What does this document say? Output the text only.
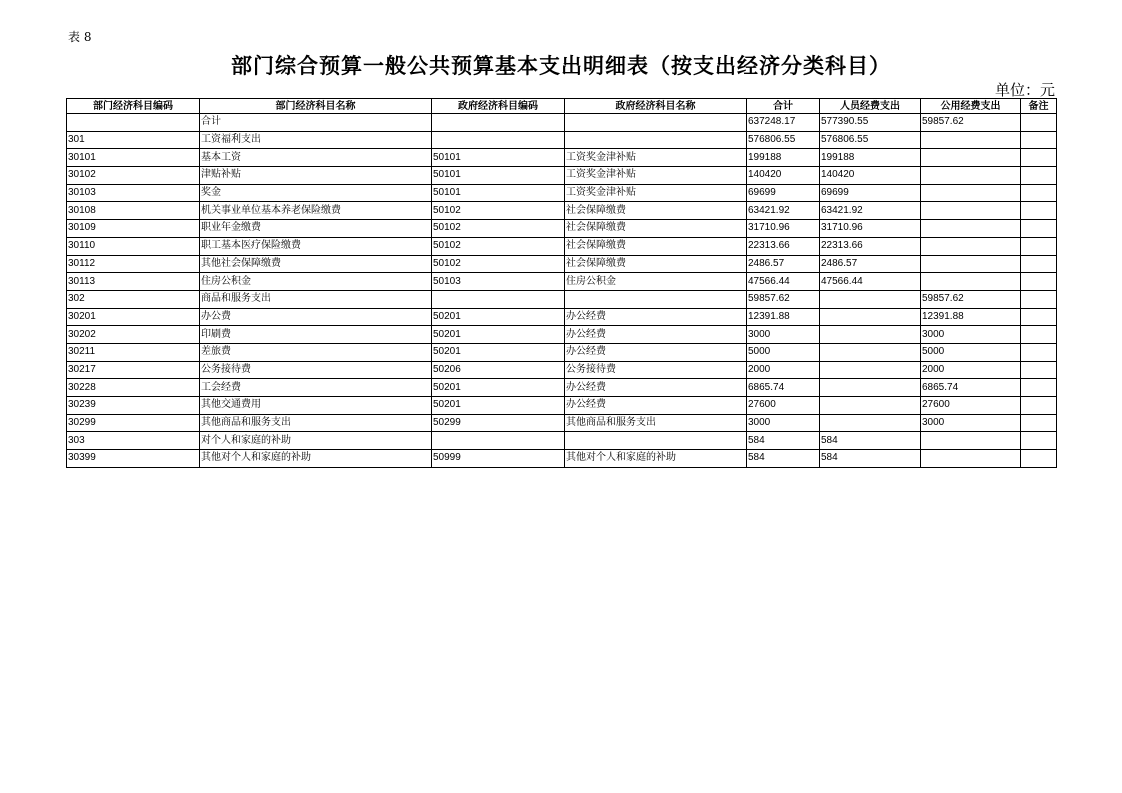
表 8
部门综合预算一般公共预算基本支出明细表（按支出经济分类科目）
单位：元
部门经济科目编码	部门经济科目名称	政府经济科目编码	政府经济科目名称	合计	人员经费支出	公用经费支出	备注
	合计			637248.17	577390.55	59857.62	
301	工资福利支出			576806.55	576806.55		
30101	基本工资	50101	工资奖金津补贴	199188	199188		
30102	津贴补贴	50101	工资奖金津补贴	140420	140420		
30103	奖金	50101	工资奖金津补贴	69699	69699		
30108	机关事业单位基本养老保险缴费	50102	社会保障缴费	63421.92	63421.92		
30109	职业年金缴费	50102	社会保障缴费	31710.96	31710.96		
30110	职工基本医疗保险缴费	50102	社会保障缴费	22313.66	22313.66		
30112	其他社会保障缴费	50102	社会保障缴费	2486.57	2486.57		
30113	住房公积金	50103	住房公积金	47566.44	47566.44		
302	商品和服务支出			59857.62		59857.62	
30201	办公费	50201	办公经费	12391.88		12391.88	
30202	印刷费	50201	办公经费	3000		3000	
30211	差旅费	50201	办公经费	5000		5000	
30217	公务接待费	50206	公务接待费	2000		2000	
30228	工会经费	50201	办公经费	6865.74		6865.74	
30239	其他交通费用	50201	办公经费	27600		27600	
30299	其他商品和服务支出	50299	其他商品和服务支出	3000		3000	
303	对个人和家庭的补助			584	584		
30399	其他对个人和家庭的补助	50999	其他对个人和家庭的补助	584	584		
